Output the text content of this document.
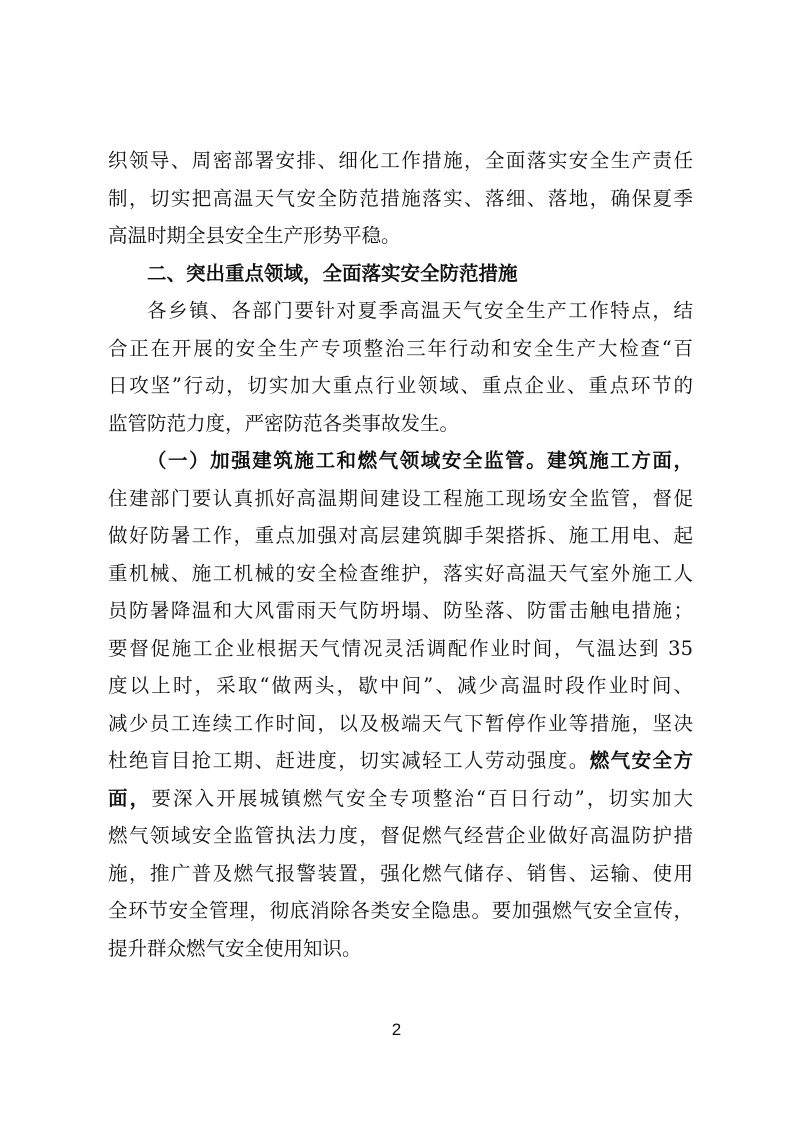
织领导、周密部署安排、细化工作措施，全面落实安全生产责任
制，切实把高温天气安全防范措施落实、落细、落地，确保夏季
高温时期全县安全生产形势平稳。
二、突出重点领域，全面落实安全防范措施
各乡镇、各部门要针对夏季高温天气安全生产工作特点，结
合正在开展的安全生产专项整治三年行动和安全生产大检查“百
日攻坚”行动，切实加大重点行业领域、重点企业、重点环节的
监管防范力度，严密防范各类事故发生。
（一）加强建筑施工和燃气领域安全监管。建筑施工方面，
住建部门要认真抓好高温期间建设工程施工现场安全监管，督促
做好防暑工作，重点加强对高层建筑脚手架搭拆、施工用电、起
重机械、施工机械的安全检查维护，落实好高温天气室外施工人
员防暑降温和大风雷雨天气防坍塌、防坠落、防雷击触电措施；
要督促施工企业根据天气情况灵活调配作业时间，气温达到 35
度以上时，采取“做两头，歇中间”、减少高温时段作业时间、
减少员工连续工作时间，以及极端天气下暂停作业等措施，坚决
杜绝盲目抢工期、赶进度，切实减轻工人劳动强度。燃气安全方
面，要深入开展城镇燃气安全专项整治“百日行动”，切实加大
燃气领域安全监管执法力度，督促燃气经营企业做好高温防护措
施，推广普及燃气报警装置，强化燃气储存、销售、运输、使用
全环节安全管理，彻底消除各类安全隐患。要加强燃气安全宣传，
提升群众燃气安全使用知识。
2
